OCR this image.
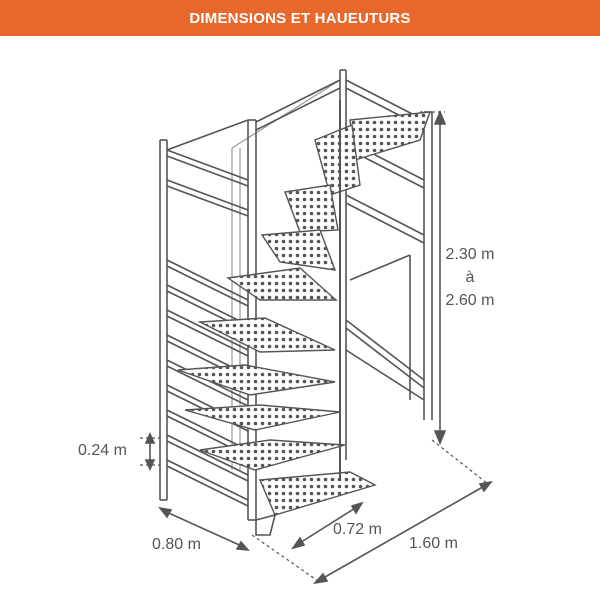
DIMENSIONS ET HAUEUTURS
2.30 m
à
2.60 m
0.24 m
0.80 m
0.72 m
1.60 m
